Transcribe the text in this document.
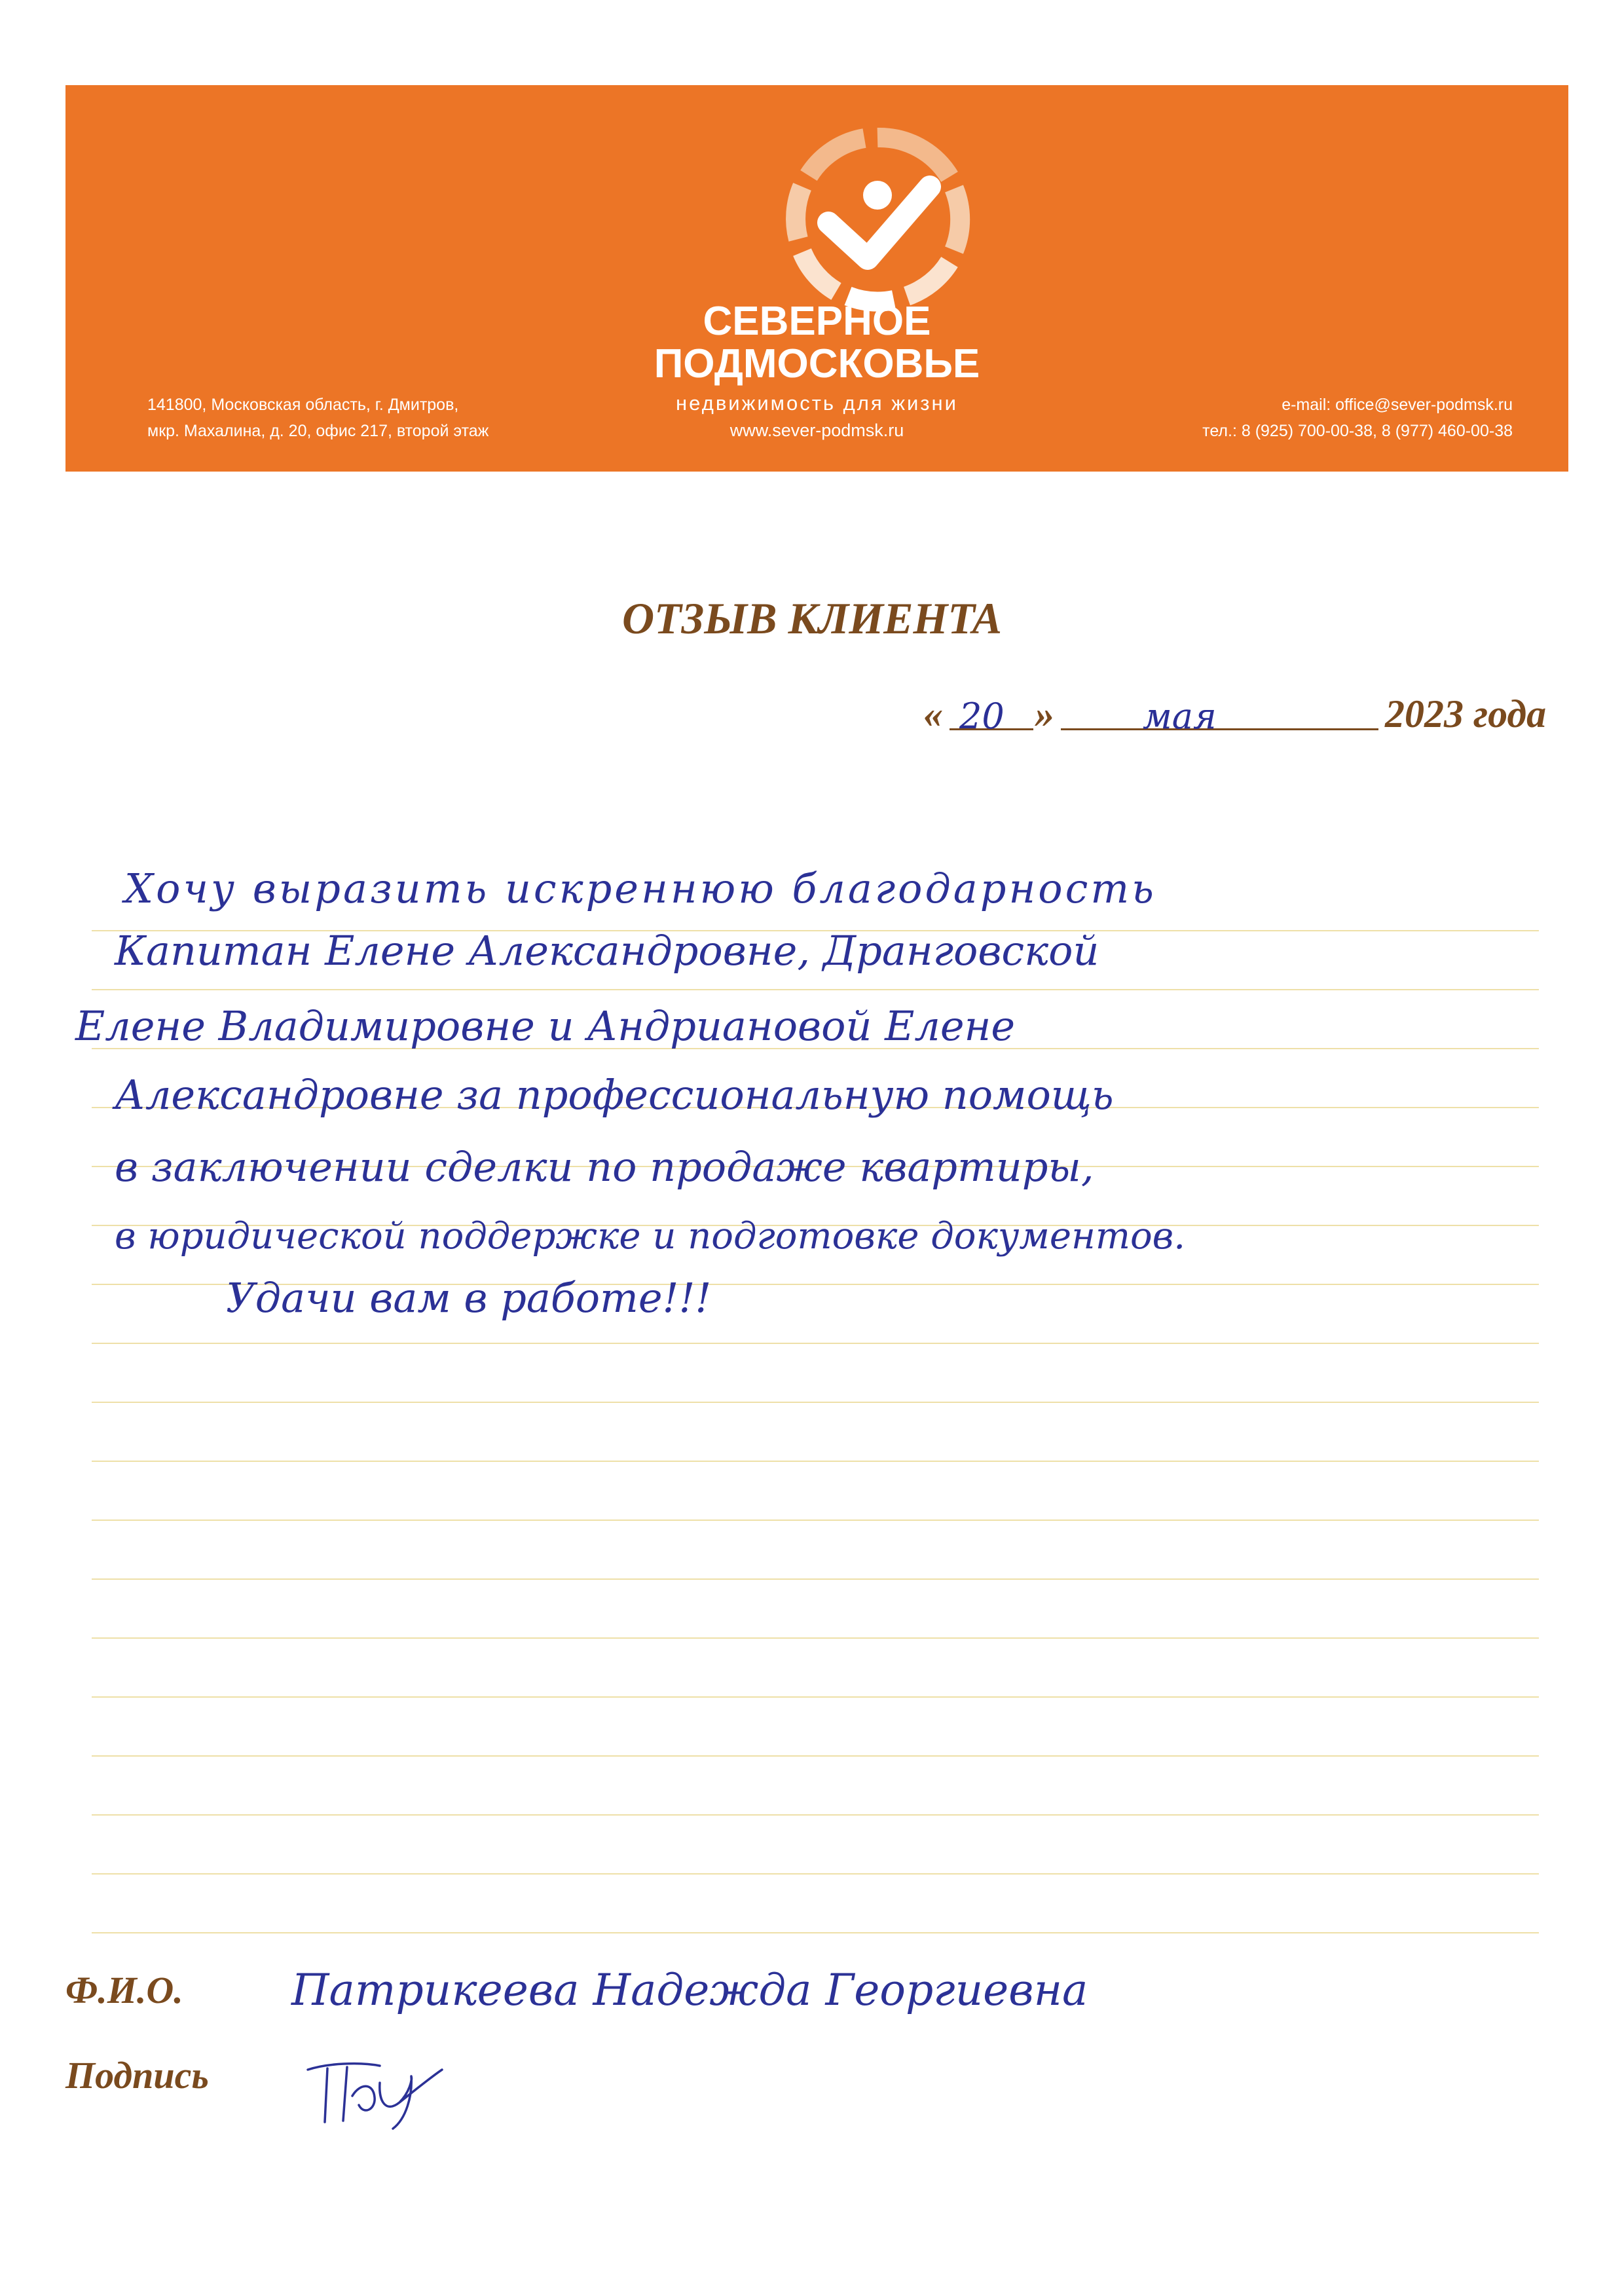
СЕВЕРНОЕ
ПОДМОСКОВЬЕ
недвижимость для жизни
www.sever-podmsk.ru
141800, Московская область, г. Дмитров,
мкр. Махалина, д. 20, офис 217, второй этаж
e-mail: office@sever-podmsk.ru
тел.: 8 (925) 700-00-38, 8 (977) 460-00-38
ОТЗЫВ КЛИЕНТА
« 20 »	мая	2023 года
Хочу выразить искреннюю благодарность
Капитан Елене Александровне, Дранговской
Елене Владимировне и Андриановой Елене
Александровне за профессиональную помощь
в заключении сделки по продаже квартиры,
в юридической поддержке и подготовке документов.
Удачи вам в работе!!!
Ф.И.О.	Патрикеева Надежда Георгиевна
Подпись
